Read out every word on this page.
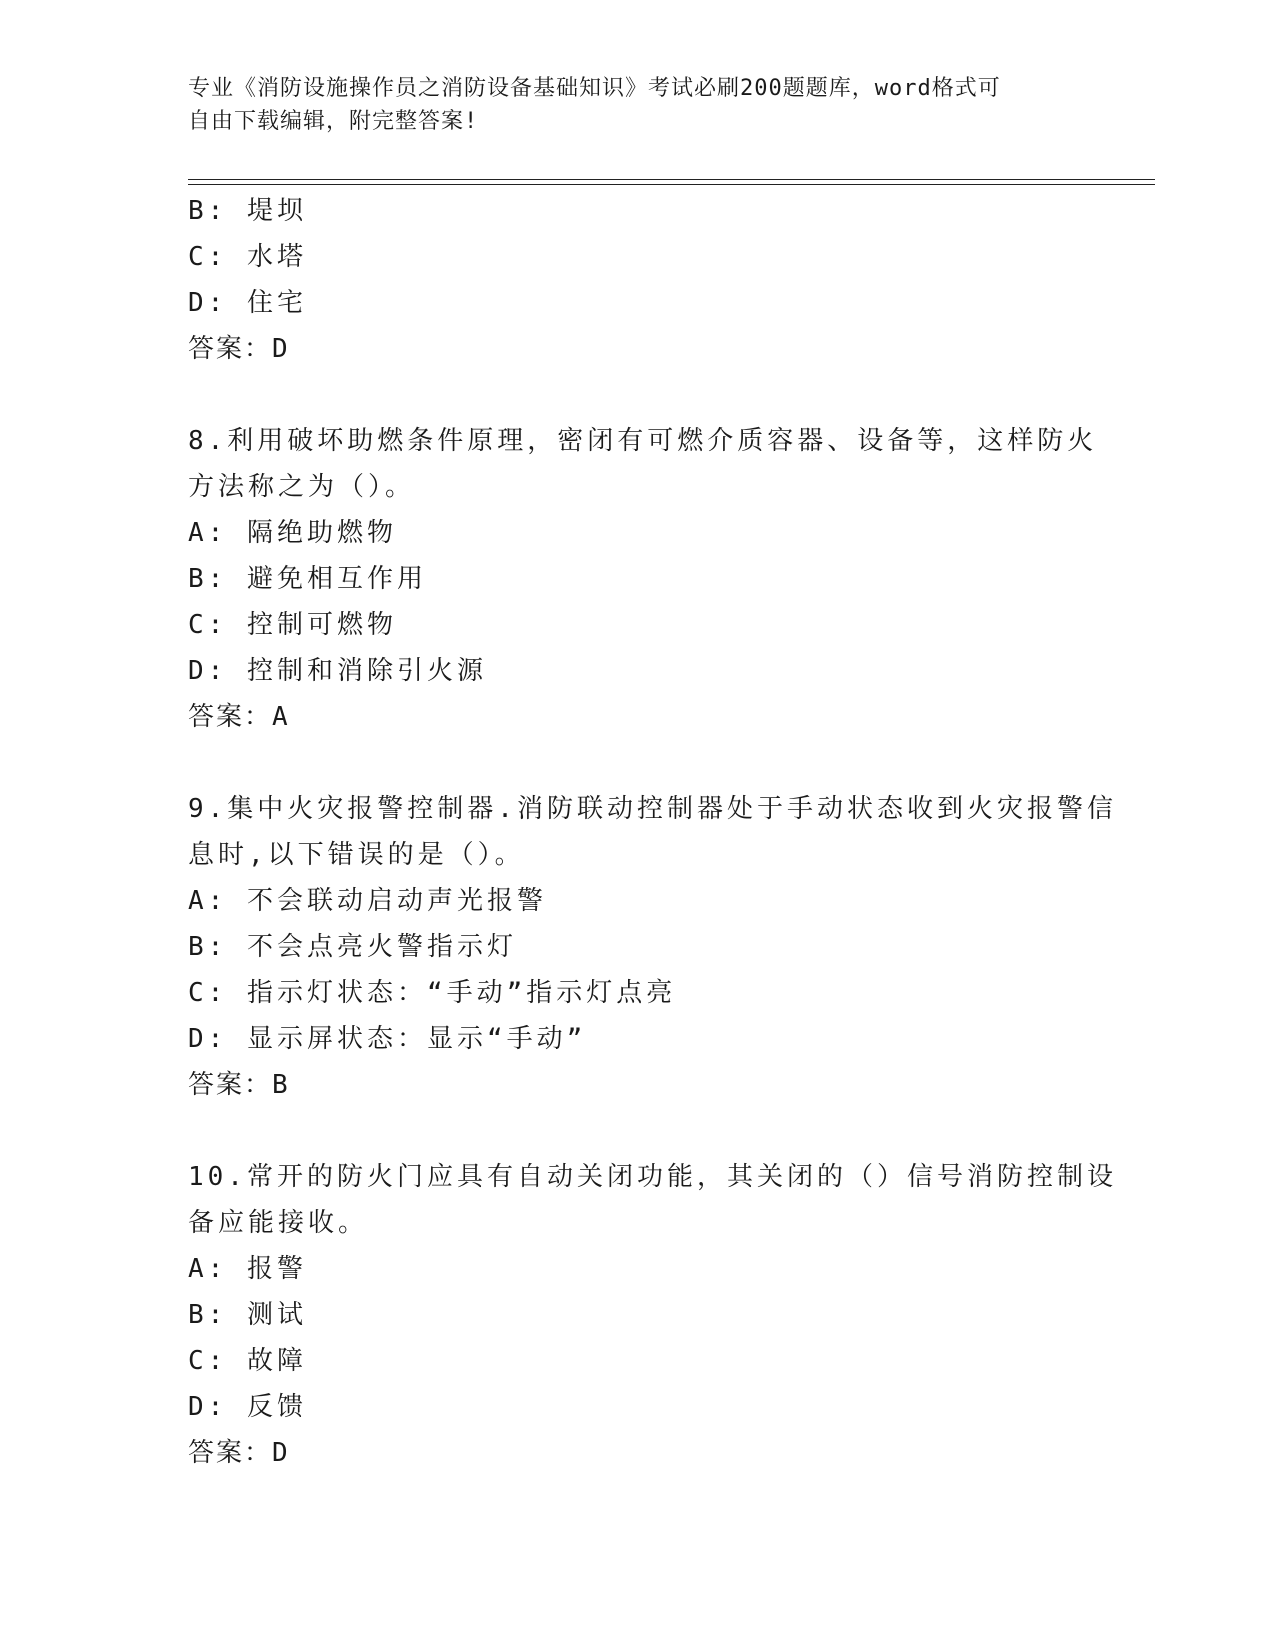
专业《消防设施操作员之消防设备基础知识》考试必刷200题题库，word格式可
自由下载编辑，附完整答案!
B: 堤坝
C: 水塔
D: 住宅
答案：D
8.利用破坏助燃条件原理，密闭有可燃介质容器、设备等，这样防火
方法称之为（）。
A: 隔绝助燃物
B: 避免相互作用
C: 控制可燃物
D: 控制和消除引火源
答案：A
9.集中火灾报警控制器.消防联动控制器处于手动状态收到火灾报警信
息时,以下错误的是（）。
A: 不会联动启动声光报警
B: 不会点亮火警指示灯
C: 指示灯状态：“手动”指示灯点亮
D: 显示屏状态：显示“手动”
答案：B
10.常开的防火门应具有自动关闭功能，其关闭的（）信号消防控制设
备应能接收。
A: 报警
B: 测试
C: 故障
D: 反馈
答案：D
